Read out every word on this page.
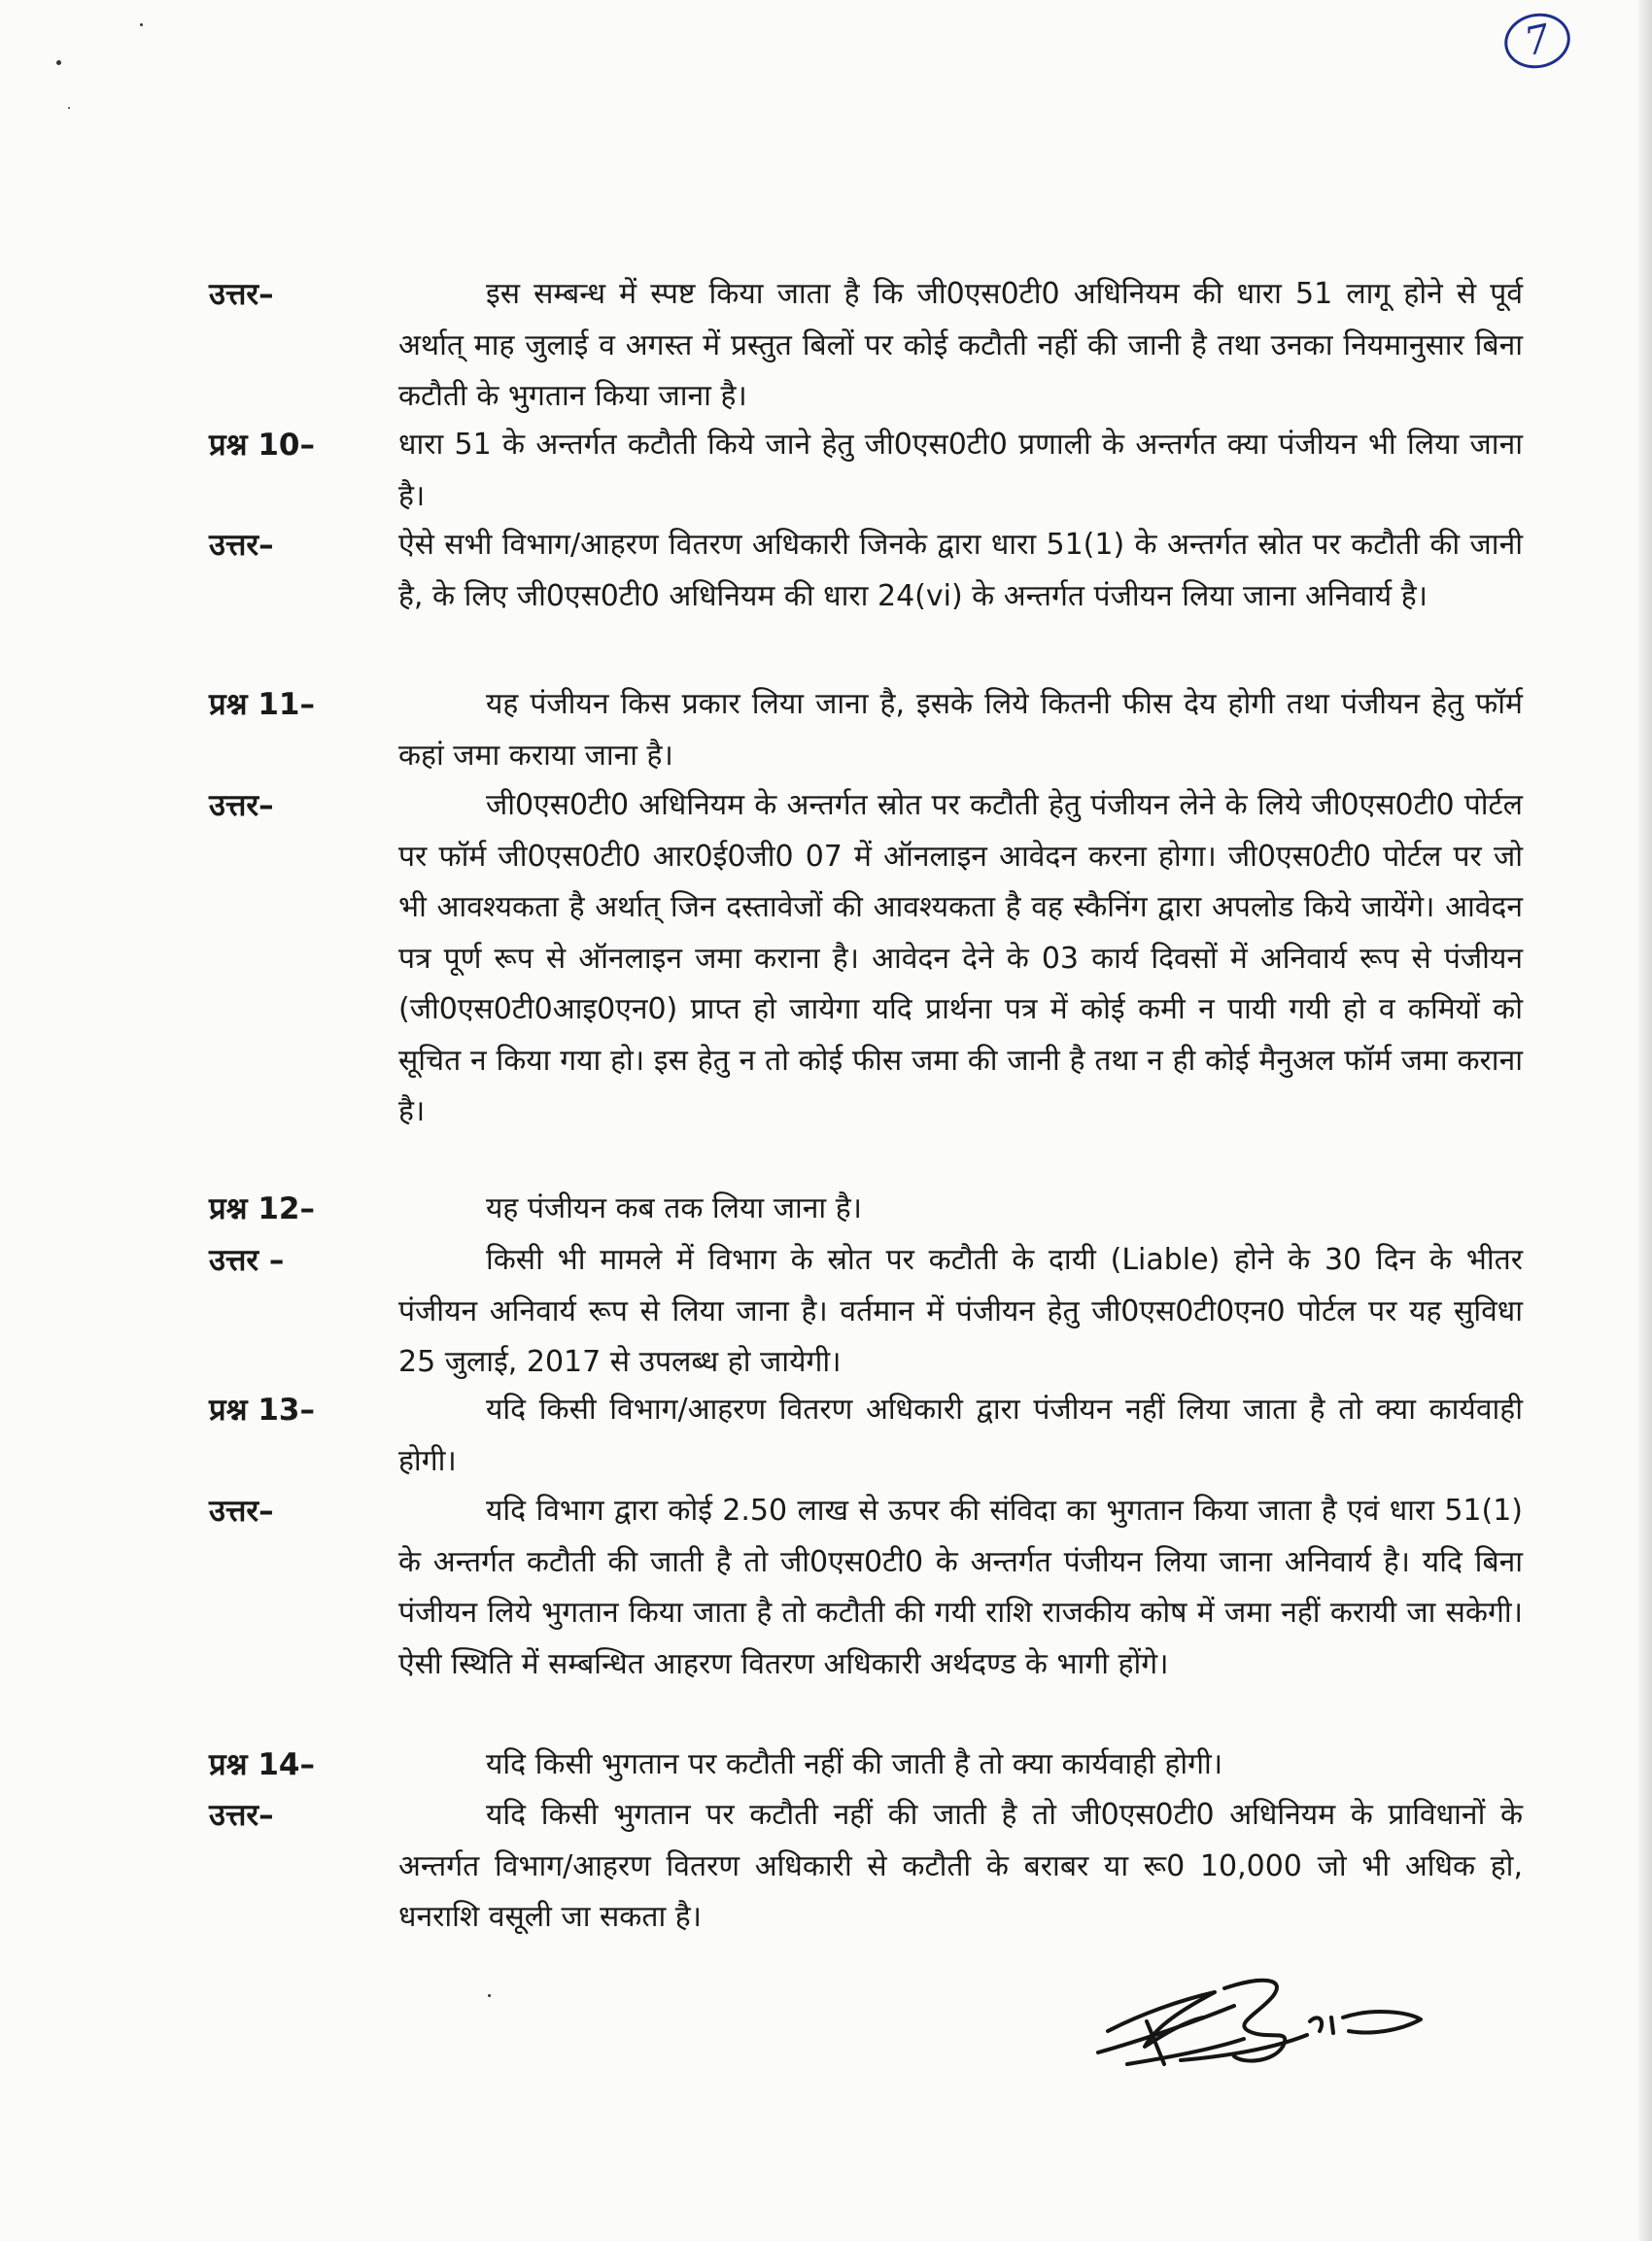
7
उत्तर–	इस सम्बन्ध में स्पष्ट किया जाता है कि जी0एस0टी0 अधिनियम की धारा 51 लागू होने से पूर्व अर्थात् माह जुलाई व अगस्त में प्रस्तुत बिलों पर कोई कटौती नहीं की जानी है तथा उनका नियमानुसार बिना कटौती के भुगतान किया जाना है।
प्रश्न 10–	धारा 51 के अन्तर्गत कटौती किये जाने हेतु जी0एस0टी0 प्रणाली के अन्तर्गत क्या पंजीयन भी लिया जाना है।
उत्तर–	ऐसे सभी विभाग/आहरण वितरण अधिकारी जिनके द्वारा धारा 51(1) के अन्तर्गत स्रोत पर कटौती की जानी है, के लिए जी0एस0टी0 अधिनियम की धारा 24(vi) के अन्तर्गत पंजीयन लिया जाना अनिवार्य है।
प्रश्न 11–	यह पंजीयन किस प्रकार लिया जाना है, इसके लिये कितनी फीस देय होगी तथा पंजीयन हेतु फॉर्म कहां जमा कराया जाना है।
उत्तर–	जी0एस0टी0 अधिनियम के अन्तर्गत स्रोत पर कटौती हेतु पंजीयन लेने के लिये जी0एस0टी0 पोर्टल पर फॉर्म जी0एस0टी0 आर0ई0जी0 07 में ऑनलाइन आवेदन करना होगा। जी0एस0टी0 पोर्टल पर जो भी आवश्यकता है अर्थात् जिन दस्तावेजों की आवश्यकता है वह स्कैनिंग द्वारा अपलोड किये जायेंगे। आवेदन पत्र पूर्ण रूप से ऑनलाइन जमा कराना है। आवेदन देने के 03 कार्य दिवसों में अनिवार्य रूप से पंजीयन (जी0एस0टी0आइ0एन0) प्राप्त हो जायेगा यदि प्रार्थना पत्र में कोई कमी न पायी गयी हो व कमियों को सूचित न किया गया हो। इस हेतु न तो कोई फीस जमा की जानी है तथा न ही कोई मैनुअल फॉर्म जमा कराना है।
प्रश्न 12–	यह पंजीयन कब तक लिया जाना है।
उत्तर –	किसी भी मामले में विभाग के स्रोत पर कटौती के दायी (Liable) होने के 30 दिन के भीतर पंजीयन अनिवार्य रूप से लिया जाना है। वर्तमान में पंजीयन हेतु जी0एस0टी0एन0 पोर्टल पर यह सुविधा 25 जुलाई, 2017 से उपलब्ध हो जायेगी।
प्रश्न 13–	यदि किसी विभाग/आहरण वितरण अधिकारी द्वारा पंजीयन नहीं लिया जाता है तो क्या कार्यवाही होगी।
उत्तर–	यदि विभाग द्वारा कोई 2.50 लाख से ऊपर की संविदा का भुगतान किया जाता है एवं धारा 51(1) के अन्तर्गत कटौती की जाती है तो जी0एस0टी0 के अन्तर्गत पंजीयन लिया जाना अनिवार्य है। यदि बिना पंजीयन लिये भुगतान किया जाता है तो कटौती की गयी राशि राजकीय कोष में जमा नहीं करायी जा सकेगी। ऐसी स्थिति में सम्बन्धित आहरण वितरण अधिकारी अर्थदण्ड के भागी होंगे।
प्रश्न 14–	यदि किसी भुगतान पर कटौती नहीं की जाती है तो क्या कार्यवाही होगी।
उत्तर–	यदि किसी भुगतान पर कटौती नहीं की जाती है तो जी0एस0टी0 अधिनियम के प्राविधानों के अन्तर्गत विभाग/आहरण वितरण अधिकारी से कटौती के बराबर या रू0 10,000 जो भी अधिक हो, धनराशि वसूली जा सकता है।
